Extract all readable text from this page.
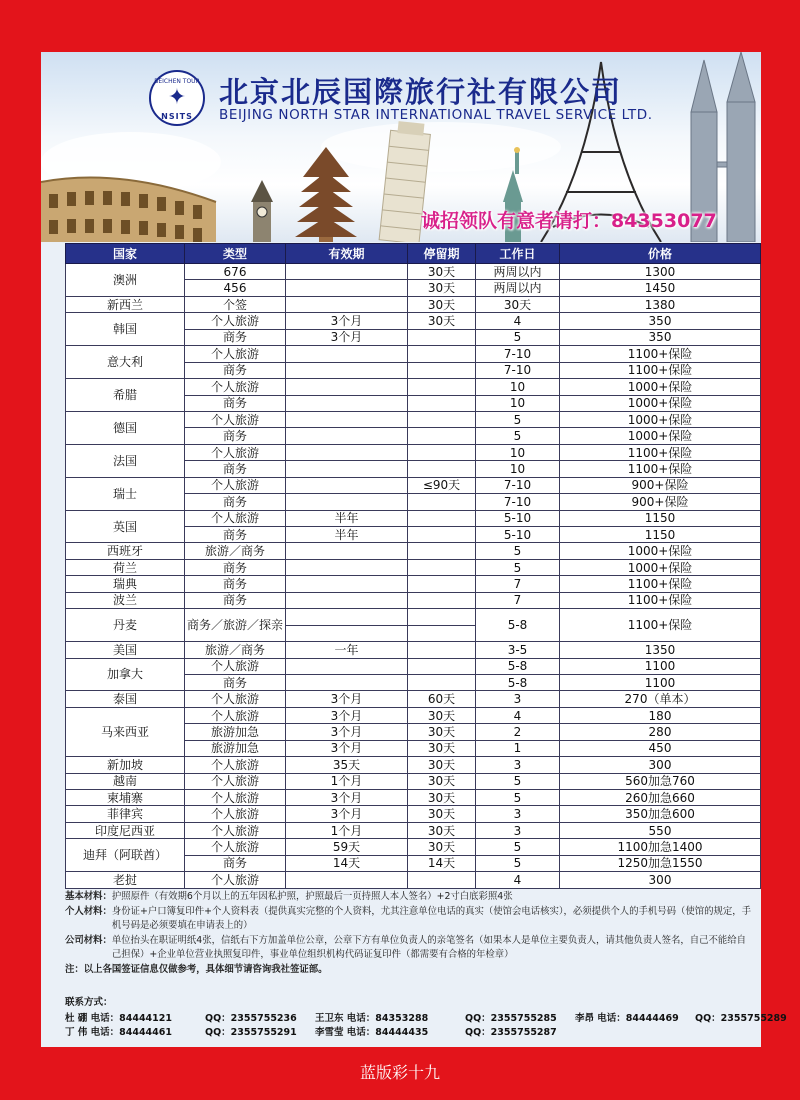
BEICHEN TOUR
✦
NSITS
北京北辰国際旅行社有限公司
BEIJING NORTH STAR INTERNATIONAL TRAVEL SERVICE LTD.
诚招领队有意者请打：84353077
国家	类型	有效期	停留期	工作日	价格
澳洲	676		30天	两周以内	1300
	456		30天	两周以内	1450
新西兰	个签		30天	30天	1380
韩国	个人旅游	3个月	30天	4	350
	商务	3个月		5	350
意大利	个人旅游			7-10	1100+保险
	商务			7-10	1100+保险
希腊	个人旅游			10	1000+保险
	商务			10	1000+保险
德国	个人旅游			5	1000+保险
	商务			5	1000+保险
法国	个人旅游			10	1100+保险
	商务			10	1100+保险
瑞士	个人旅游		≤90天	7-10	900+保险
	商务			7-10	900+保险
英国	个人旅游	半年		5-10	1150
	商务	半年		5-10	1150
西班牙	旅游／商务			5	1000+保险
荷兰	商务			5	1000+保险
瑞典	商务			7	1100+保险
波兰	商务			7	1100+保险
丹麦	商务／旅游／探亲			5-8	1100+保险

美国	旅游／商务	一年		3-5	1350
加拿大	个人旅游			5-8	1100
	商务			5-8	1100
泰国	个人旅游	3个月	60天	3	270（单本）
马来西亚	个人旅游	3个月	30天	4	180
	旅游加急	3个月	30天	2	280
	旅游加急	3个月	30天	1	450
新加坡	个人旅游	35天	30天	3	300
越南	个人旅游	1个月	30天	5	560加急760
柬埔寨	个人旅游	3个月	30天	5	260加急660
菲律宾	个人旅游	3个月	30天	3	350加急600
印度尼西亚	个人旅游	1个月	30天	3	550
迪拜（阿联酋）	个人旅游	59天	30天	5	1100加急1400
	商务	14天	14天	5	1250加急1550
老挝	个人旅游			4	300
基本材料： 护照原件（有效期6个月以上的五年因私护照，护照最后一页持照人本人签名）+2寸白底彩照4张
个人材料： 身份证+户口簿复印件+个人资料表（提供真实完整的个人资料，尤其注意单位电话的真实（使馆会电话核实），必须提供个人的手机号码（使馆的规定，手机号码是必须要填在申请表上的）
公司材料： 单位抬头在职证明纸4张，信纸右下方加盖单位公章，公章下方有单位负责人的亲笔签名（如果本人是单位主要负责人，请其他负责人签名，自己不能给自己担保）+企业单位营业执照复印件，事业单位组织机构代码证复印件（都需要有合格的年检章）
注：以上各国签证信息仅做参考，具体细节请咨询我社签证部。
联系方式：
杜 硼 电话：84444121	QQ：2355755236	王卫东 电话：84353288	QQ：2355755285	李昂 电话：84444469	QQ：2355755289
丁 伟 电话：84444461	QQ：2355755291	李雪莹 电话：84444435	QQ：2355755287
蓝版彩十九
